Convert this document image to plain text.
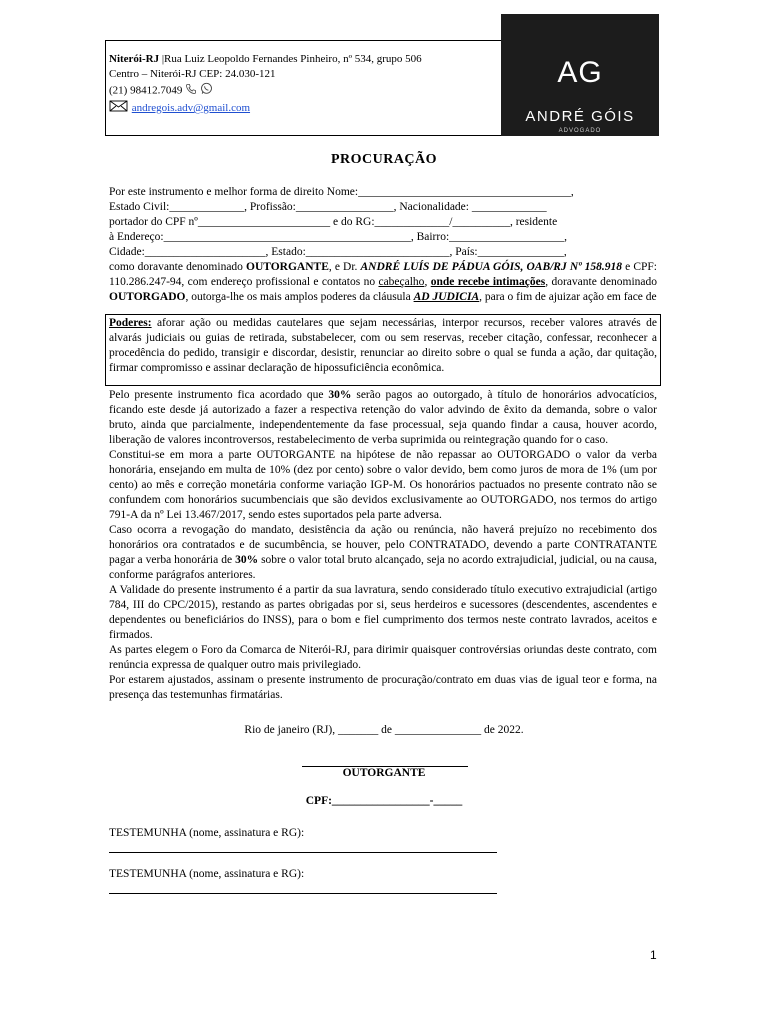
Niterói-RJ |Rua Luiz Leopoldo Fernandes Pinheiro, nº 534, grupo 506
Centro – Niterói-RJ CEP: 24.030-121
(21) 98412.7049
andregois.adv@gmail.com
AG
ANDRÉ GÓIS
ADVOGADO
PROCURAÇÃO
Por este instrumento e melhor forma de direito Nome:_____________________________________,
Estado Civil:_____________, Profissão:_________________, Nacionalidade: _____________
portador do CPF nº_______________________ e do RG:_____________/__________, residente
à Endereço:___________________________________________, Bairro:____________________,
Cidade:_____________________, Estado:_________________________, País:_______________,
como doravante denominado OUTORGANTE, e Dr. ANDRÉ LUÍS DE PÁDUA GÓIS, OAB/RJ Nº 158.918 e CPF: 110.286.247-94, com endereço profissional e contatos no cabeçalho, onde recebe intimações, doravante denominado OUTORGADO, outorga-lhe os mais amplos poderes da cláusula AD JUDICIA, para o fim de ajuizar ação em face de
Poderes: aforar ação ou medidas cautelares que sejam necessárias, interpor recursos, receber valores através de alvarás judiciais ou guias de retirada, substabelecer, com ou sem reservas, receber citação, confessar, reconhecer a procedência do pedido, transigir e discordar, desistir, renunciar ao direito sobre o qual se funda a ação, dar quitação, firmar compromisso e assinar declaração de hipossuficiência econômica.
Pelo presente instrumento fica acordado que 30% serão pagos ao outorgado, à título de honorários advocatícios, ficando este desde já autorizado a fazer a respectiva retenção do valor advindo de êxito da demanda, sobre o valor bruto, ainda que parcialmente, independentemente da fase processual, seja quando findar a causa, houver acordo, liberação de valores incontroversos, restabelecimento de verba suprimida ou reintegração quando for o caso.
Constitui-se em mora a parte OUTORGANTE na hipótese de não repassar ao OUTORGADO o valor da verba honorária, ensejando em multa de 10% (dez por cento) sobre o valor devido, bem como juros de mora de 1% (um por cento) ao mês e correção monetária conforme variação IGP-M. Os honorários pactuados no presente contrato não se confundem com honorários sucumbenciais que são devidos exclusivamente ao OUTORGADO, nos termos do artigo 791-A da nº Lei 13.467/2017, sendo estes suportados pela parte adversa.
Caso ocorra a revogação do mandato, desistência da ação ou renúncia, não haverá prejuízo no recebimento dos honorários ora contratados e de sucumbência, se houver, pelo CONTRATADO, devendo a parte CONTRATANTE pagar a verba honorária de 30% sobre o valor total bruto alcançado, seja no acordo extrajudicial, judicial, ou na causa, conforme parágrafos anteriores.
A Validade do presente instrumento é a partir da sua lavratura, sendo considerado título executivo extrajudicial (artigo 784, III do CPC/2015), restando as partes obrigadas por si, seus herdeiros e sucessores (descendentes, ascendentes e dependentes ou beneficiários do INSS), para o bom e fiel cumprimento dos termos neste contrato lavrados, aceitos e firmados.
As partes elegem o Foro da Comarca de Niterói-RJ, para dirimir quaisquer controvérsias oriundas deste contrato, com renúncia expressa de qualquer outro mais privilegiado.
Por estarem ajustados, assinam o presente instrumento de procuração/contrato em duas vias de igual teor e forma, na presença das testemunhas firmatárias.
Rio de janeiro (RJ), _______ de _______________ de 2022.
OUTORGANTE
CPF:_________________-_____
TESTEMUNHA (nome, assinatura e RG):
TESTEMUNHA (nome, assinatura e RG):
1
